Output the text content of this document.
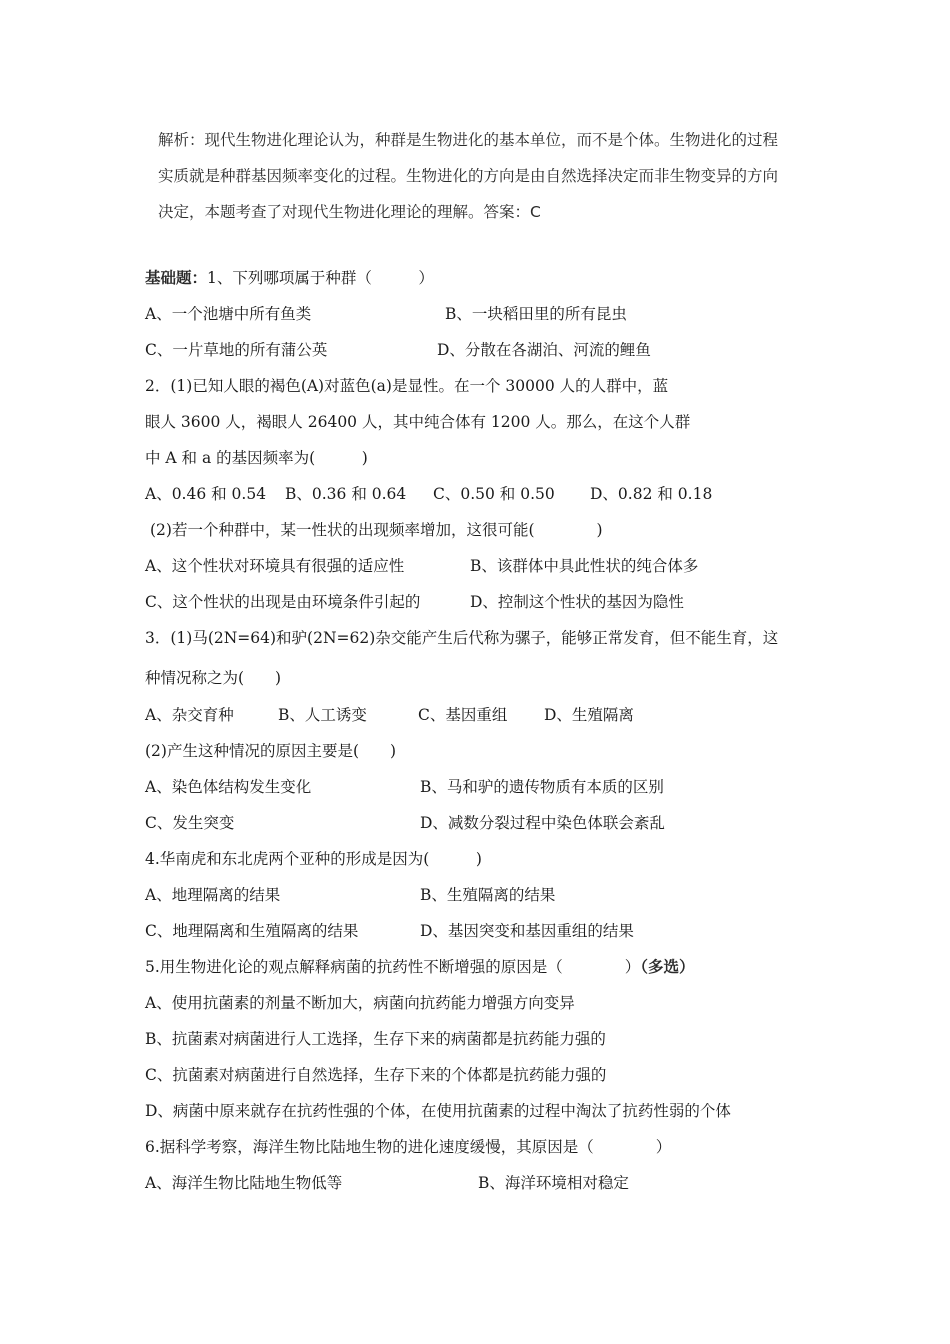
解析：现代生物进化理论认为，种群是生物进化的基本单位，而不是个体。生物进化的过程
实质就是种群基因频率变化的过程。生物进化的方向是由自然选择决定而非生物变异的方向
决定，本题考查了对现代生物进化理论的理解。答案：C
基础题：1、下列哪项属于种群（　　　）
A、一个池塘中所有鱼类	B、一块稻田里的所有昆虫
C、一片草地的所有蒲公英	D、分散在各湖泊、河流的鲤鱼
2．(1)已知人眼的褐色(A)对蓝色(a)是显性。在一个 30000 人的人群中，蓝
眼人 3600 人，褐眼人 26400 人，其中纯合体有 1200 人。那么，在这个人群
中 A 和 a 的基因频率为(　　　)
A、0.46 和 0.54 B、0.36 和 0.64 C、0.50 和 0.50 D、0.82 和 0.18
(2)若一个种群中，某一性状的出现频率增加，这很可能(　　　　)
A、这个性状对环境具有很强的适应性	B、该群体中具此性状的纯合体多
C、这个性状的出现是由环境条件引起的	D、控制这个性状的基因为隐性
3．(1)马(2N=64)和驴(2N=62)杂交能产生后代称为骡子，能够正常发育，但不能生育，这
种情况称之为(　　)
A、杂交育种	B、人工诱变	C、基因重组 D、生殖隔离
(2)产生这种情况的原因主要是(　　)
A、染色体结构发生变化	B、马和驴的遗传物质有本质的区别
C、发生突变	D、减数分裂过程中染色体联会紊乱
4.华南虎和东北虎两个亚种的形成是因为(　　　)
A、地理隔离的结果	B、生殖隔离的结果
C、地理隔离和生殖隔离的结果	D、基因突变和基因重组的结果
5.用生物进化论的观点解释病菌的抗药性不断增强的原因是（　　　　）（多选）
A、使用抗菌素的剂量不断加大，病菌向抗药能力增强方向变异
B、抗菌素对病菌进行人工选择，生存下来的病菌都是抗药能力强的
C、抗菌素对病菌进行自然选择，生存下来的个体都是抗药能力强的
D、病菌中原来就存在抗药性强的个体，在使用抗菌素的过程中淘汰了抗药性弱的个体
6.据科学考察，海洋生物比陆地生物的进化速度缓慢，其原因是（　　　　）
A、海洋生物比陆地生物低等	B、海洋环境相对稳定
